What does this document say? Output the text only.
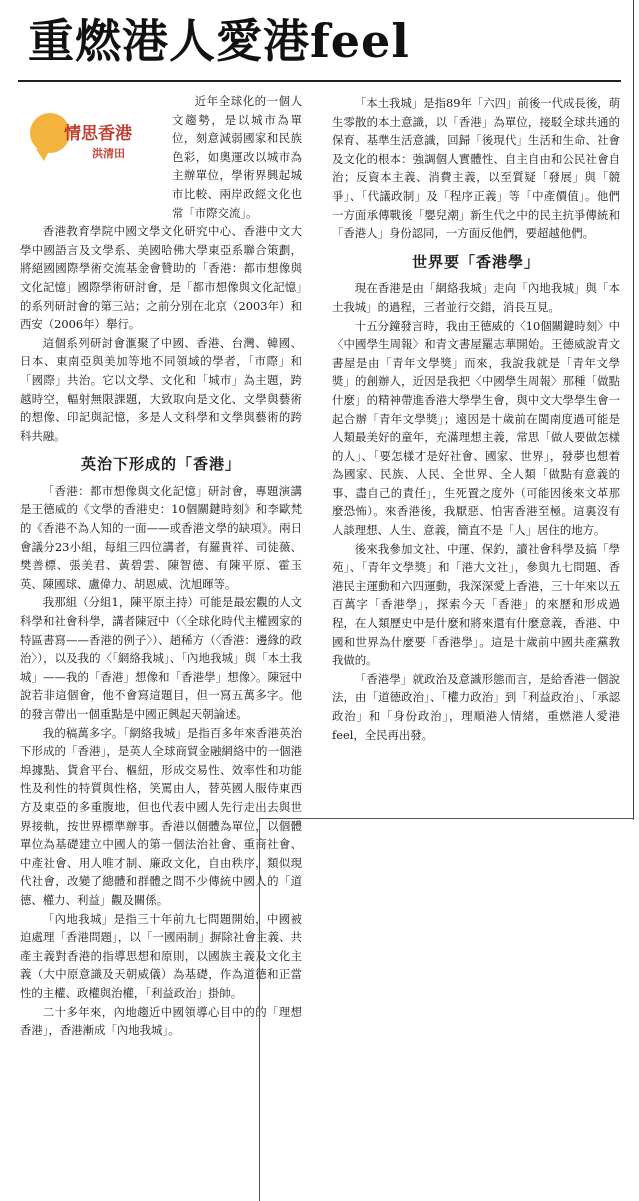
重燃港人愛港feel
情思香港
洪清田

近年全球化的一個人文趨勢，是以城市為單位，刻意減弱國家和民族色彩，如奧運改以城市為主辦單位，學術界興起城市比較、兩岸政經文化也常「市際交流」。

香港教育學院中國文學文化研究中心、香港中文大學中國語言及文學系、美國哈佛大學東亞系聯合策劃，將絕國國際學術交流基金會贊助的「香港：都市想像與文化記憶」國際學術研討會，是「都市想像與文化記憶」的系列研討會的第三站；之前分別在北京（2003年）和西安（2006年）舉行。

這個系列研討會滙聚了中國、香港、台灣、韓國、日本、東南亞與美加等地不同領域的學者，「市際」和「國際」共治。它以文學、文化和「城市」為主題，跨越時空，輻射無限課題，大致取向是文化、文學與藝術的想像、印記與記憶，多是人文科學和文學與藝術的跨科共融。

英治下形成的「香港」

「香港：都市想像與文化記憶」研討會，專題演講是王德威的《文學的香港史：10個關鍵時刻》和李歐梵的《香港不為人知的一面——或香港文學的缺項》。兩日會議分23小組，每組三四位講者，有羅貴祥、司徒薇、樊善標、張美君、黃碧雲、陳智德、有陳平原、霍玉英、陳國球、盧偉力、胡恩威、沈旭暉等。

我那組（分組1，陳平原主持）可能是最宏觀的人文科學和社會科學，講者陳冠中（〈全球化時代主權國家的特區書寫——香港的例子〉）、趙稀方（〈香港：邊緣的政治〉），以及我的〈「網絡我城」、「內地我城」與「本土我城」——我的「香港」想像和「香港學」想像〉。陳冠中說若非這個會，他不會寫這題目，但一寫五萬多字。他的發言帶出一個重點是中國正興起天朝論述。

我的稿萬多字。「網絡我城」是指百多年來香港英治下形成的「香港」，是英人全球商貿金融網絡中的一個港埠據點、貨倉平台、樞紐，形成交易性、效率性和功能性及利性的特質與性格，笑罵由人，替英國人服侍東西方及東亞的多重腹地，但也代表中國人先行走出去與世界接軌，按世界標準辦事。香港以個體為單位，以個體單位為基礎建立中國人的第一個法治社會、重商社會、中產社會、用人唯才制、廉政文化，自由秩序，類似現代社會，改變了總體和群體之間不少傳統中國人的「道德、權力、利益」觀及關係。

「內地我城」是指三十年前九七問題開始，中國被迫處理「香港問題」，以「一國兩制」摒除社會主義、共產主義對香港的指導思想和原則，以國族主義及文化主義（大中原意識及天朝威儀）為基礎，作為道德和正當性的主權、政權與治權，「利益政治」掛帥。

二十多年來，內地趨近中國領導心目中的的「理想香港」，香港漸成「內地我城」。

「本土我城」是指89年「六四」前後一代成長後，萌生零散的本土意識，以「香港」為單位，接駁全球共通的保育、基準生活意識，回歸「後現代」生活和生命、社會及文化的根本：強調個人實體性、自主自由和公民社會自治；反資本主義、消費主義，以至質疑「發展」與「競爭」、「代議政制」及「程序正義」等「中產價值」。他們一方面承傳戰後「嬰兒潮」新生代之中的民主抗爭傳統和「香港人」身份認同，一方面反他們，要超越他們。

世界要「香港學」

現在香港是由「網絡我城」走向「內地我城」與「本土我城」的過程，三者並行交錯，消長互見。

十五分鐘發言時，我由王德威的〈10個關鍵時刻〉中〈中國學生周報〉和青文書屋羅志華開始。王德威說青文書屋是由「青年文學獎」而來，我說我就是「青年文學獎」的創辦人，近因是我把〈中國學生周報〉那種「做點什麼」的精神帶進香港大學學生會，與中文大學學生會一起合辦「青年文學獎」；遠因是十歲前在閩南度過可能是人類最美好的童年，充滿理想主義，常思「做人要做怎樣的人」、「要怎樣才是好社會、國家、世界」，發夢也想着為國家、民族、人民、全世界、全人類「做點有意義的事、盡自己的責任」，生死置之度外（可能因後來文革那麼恐怖）。來香港後，我厭惡、怕害香港至極。這裏沒有人談理想、人生、意義，簡直不是「人」居住的地方。

後來我參加文社、中運、保釣，讀社會科學及搞「學苑」、「青年文學獎」和「港大文社」，參與九七問題、香港民主運動和六四運動，我深深愛上香港，三十年來以五百萬字「香港學」，探索今天「香港」的來歷和形成過程，在人類歷史中是什麼和將來還有什麼意義，香港、中國和世界為什麼要「香港學」。這是十歲前中國共產黨教我做的。

「香港學」就政治及意識形態而言，是給香港一個說法，由「道德政治」、「權力政治」到「利益政治」、「承認政治」和「身份政治」，理順港人情緒，重燃港人愛港feel，全民再出發。
